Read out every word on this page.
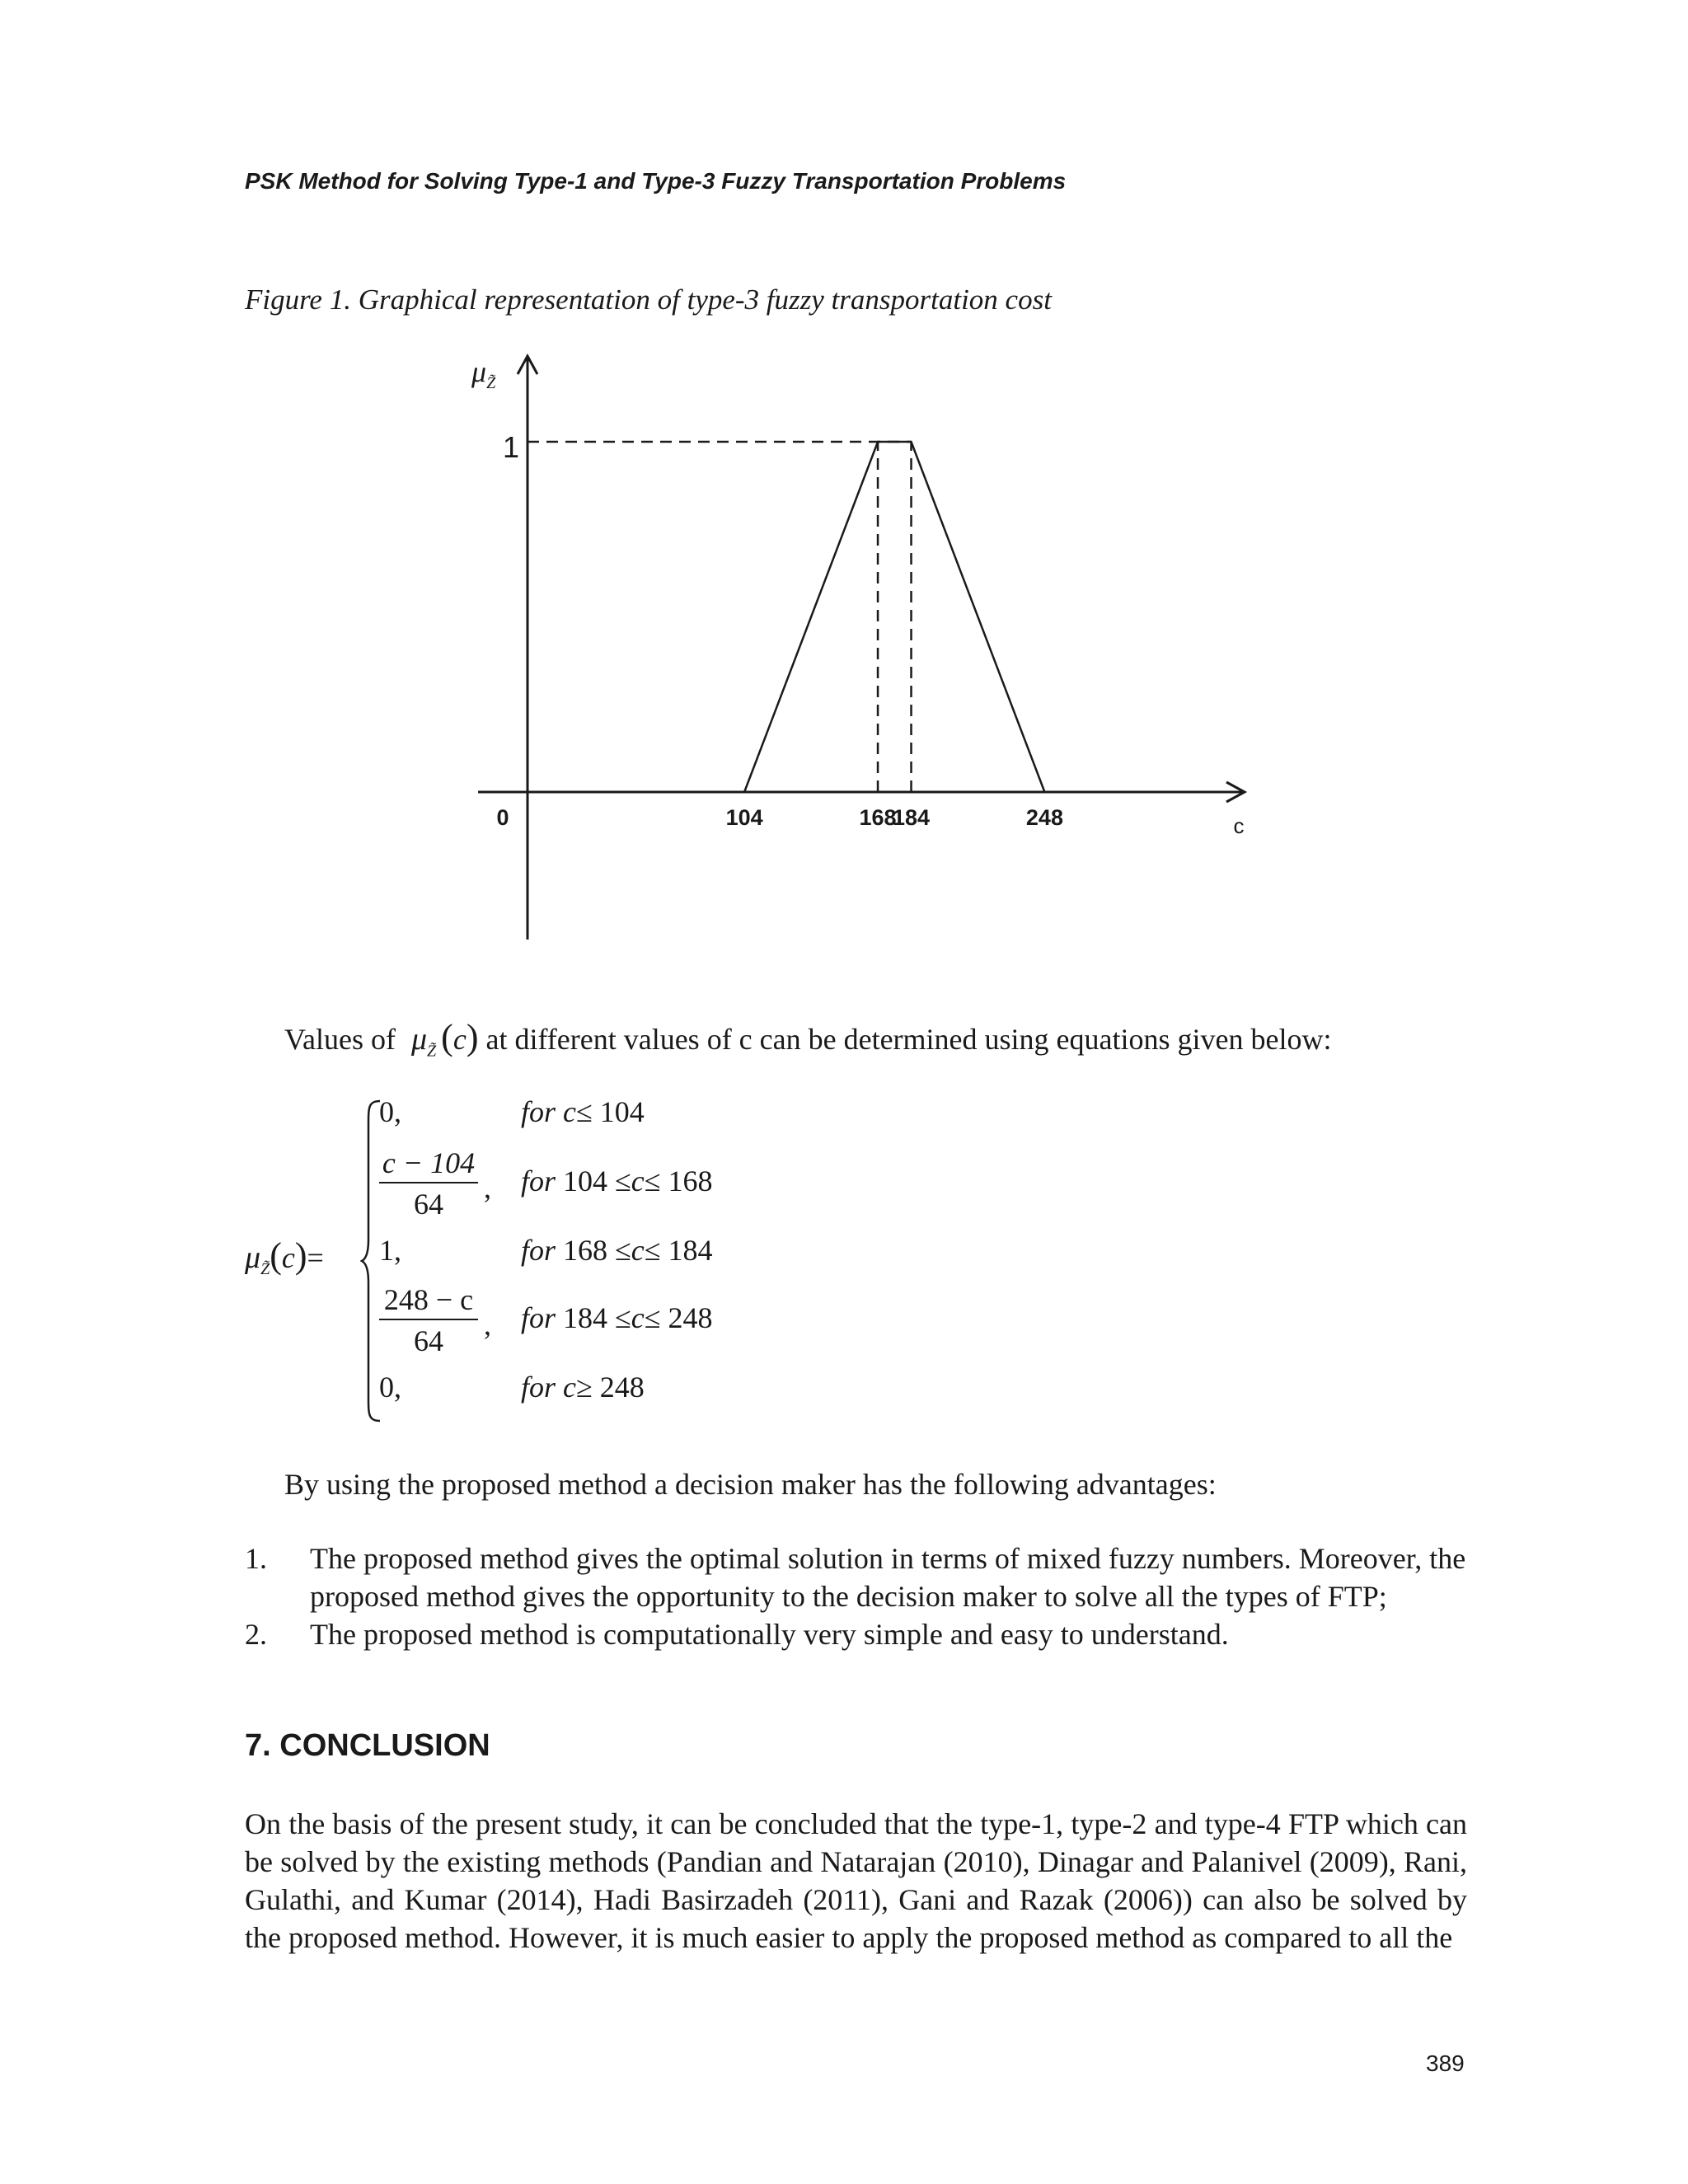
PSK Method for Solving Type-1 and Type-3 Fuzzy Transportation Problems
Figure 1. Graphical representation of type-3 fuzzy transportation cost
$\mu_{Z̃}$
0	104	168
184	248
1
c
Values of $\mu_{Z̃}$ (c) at different values of c can be determined using equations given below:
$\mu_{Z̃}(c)=$
0,	for c≤ 104
$\frac{c - 104}{64}$ , for 104 ≤c≤ 168
1,	for 168 ≤c≤ 184
$\frac{248 - c}{64}$ , for 184 ≤c≤ 248
0,	for c≥ 248
By using the proposed method a decision maker has the following advantages:
1. The proposed method gives the optimal solution in terms of mixed fuzzy numbers. Moreover, the proposed method gives the opportunity to the decision maker to solve all the types of FTP;
2. The proposed method is computationally very simple and easy to understand.
7. CONCLUSION
On the basis of the present study, it can be concluded that the type-1, type-2 and type-4 FTP which can be solved by the existing methods (Pandian and Natarajan (2010), Dinagar and Palanivel (2009), Rani, Gulathi, and Kumar (2014), Hadi Basirzadeh (2011), Gani and Razak (2006)) can also be solved by the proposed method. However, it is much easier to apply the proposed method as compared to all the
389
